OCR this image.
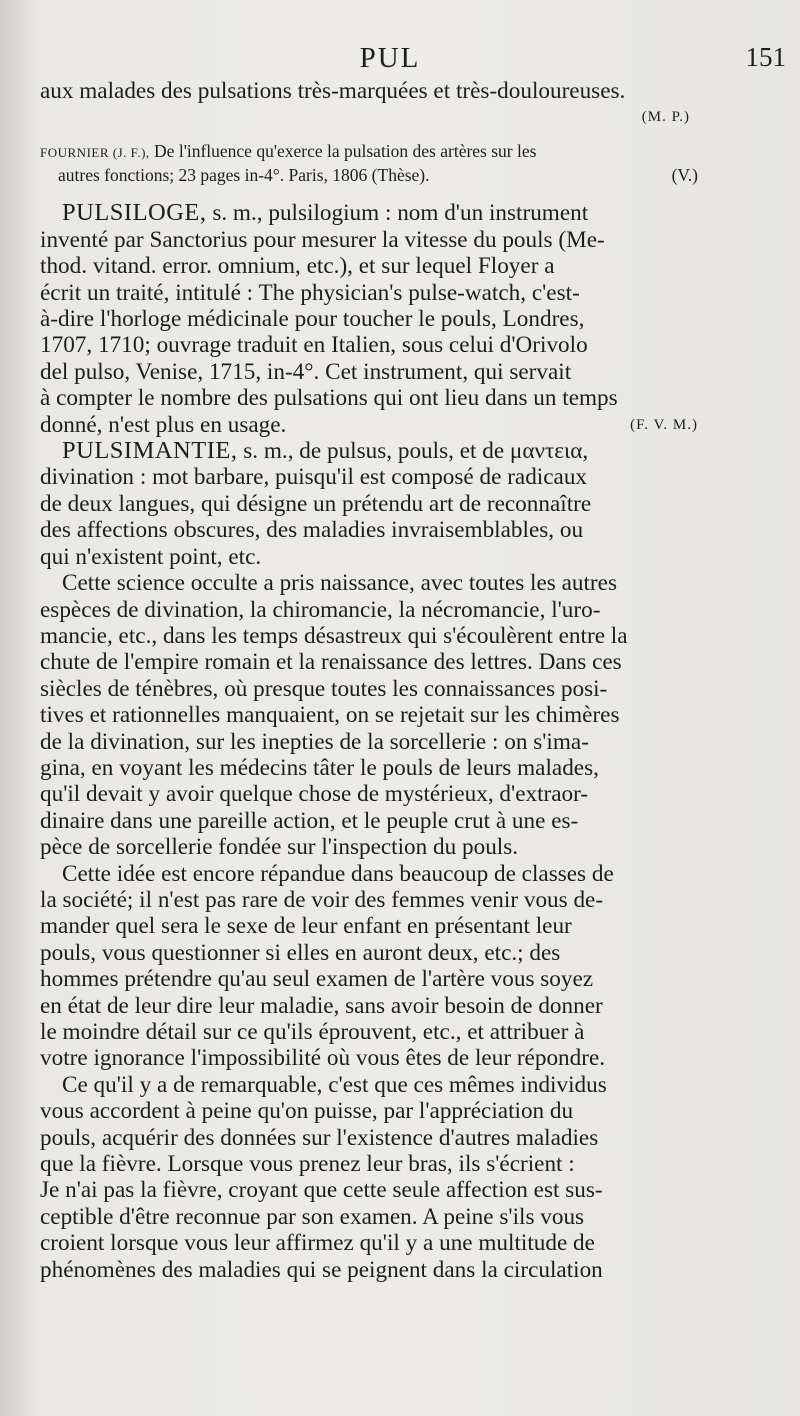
PUL	151
aux malades des pulsations très-marquées et très-douloureuses.
(M. P.)
FOURNIER (J. F.), De l'influence qu'exerce la pulsation des artères sur les
autres fonctions; 23 pages in-4°. Paris, 1806 (Thèse).	(V.)
PULSILOGE, s. m., pulsilogium : nom d'un instrument
inventé par Sanctorius pour mesurer la vitesse du pouls (Me-
thod. vitand. error. omnium, etc.), et sur lequel Floyer a
écrit un traité, intitulé : The physician's pulse-watch, c'est-
à-dire l'horloge médicinale pour toucher le pouls, Londres,
1707, 1710; ouvrage traduit en Italien, sous celui d'Orivolo
del pulso, Venise, 1715, in-4°. Cet instrument, qui servait
à compter le nombre des pulsations qui ont lieu dans un temps
donné, n'est plus en usage.	(F. V. M.)
PULSIMANTIE, s. m., de pulsus, pouls, et de μαντεια,
divination : mot barbare, puisqu'il est composé de radicaux
de deux langues, qui désigne un prétendu art de reconnaître
des affections obscures, des maladies invraisemblables, ou
qui n'existent point, etc.
Cette science occulte a pris naissance, avec toutes les autres
espèces de divination, la chiromancie, la nécromancie, l'uro-
mancie, etc., dans les temps désastreux qui s'écoulèrent entre la
chute de l'empire romain et la renaissance des lettres. Dans ces
siècles de ténèbres, où presque toutes les connaissances posi-
tives et rationnelles manquaient, on se rejetait sur les chimères
de la divination, sur les inepties de la sorcellerie : on s'ima-
gina, en voyant les médecins tâter le pouls de leurs malades,
qu'il devait y avoir quelque chose de mystérieux, d'extraor-
dinaire dans une pareille action, et le peuple crut à une es-
pèce de sorcellerie fondée sur l'inspection du pouls.
Cette idée est encore répandue dans beaucoup de classes de
la société; il n'est pas rare de voir des femmes venir vous de-
mander quel sera le sexe de leur enfant en présentant leur
pouls, vous questionner si elles en auront deux, etc.; des
hommes prétendre qu'au seul examen de l'artère vous soyez
en état de leur dire leur maladie, sans avoir besoin de donner
le moindre détail sur ce qu'ils éprouvent, etc., et attribuer à
votre ignorance l'impossibilité où vous êtes de leur répondre.
Ce qu'il y a de remarquable, c'est que ces mêmes individus
vous accordent à peine qu'on puisse, par l'appréciation du
pouls, acquérir des données sur l'existence d'autres maladies
que la fièvre. Lorsque vous prenez leur bras, ils s'écrient :
Je n'ai pas la fièvre, croyant que cette seule affection est sus-
ceptible d'être reconnue par son examen. A peine s'ils vous
croient lorsque vous leur affirmez qu'il y a une multitude de
phénomènes des maladies qui se peignent dans la circulation
